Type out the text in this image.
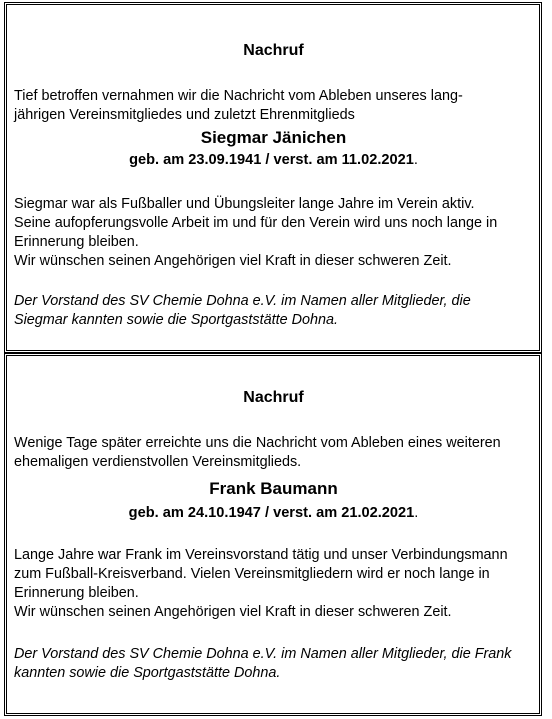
Nachruf
Tief betroffen vernahmen wir die Nachricht vom Ableben unseres lang-
jährigen Vereinsmitgliedes und zuletzt Ehrenmitglieds
Siegmar Jänichen
geb. am 23.09.1941 / verst. am 11.02.2021.
Siegmar war als Fußballer und Übungsleiter lange Jahre im Verein aktiv.
Seine aufopferungsvolle Arbeit im und für den Verein wird uns noch lange in
Erinnerung bleiben.
Wir wünschen seinen Angehörigen viel Kraft in dieser schweren Zeit.
Der Vorstand des SV Chemie Dohna e.V. im Namen aller Mitglieder, die
Siegmar kannten sowie die Sportgaststätte Dohna.
Nachruf
Wenige Tage später erreichte uns die Nachricht vom Ableben eines weiteren
ehemaligen verdienstvollen Vereinsmitglieds.
Frank Baumann
geb. am 24.10.1947 / verst. am 21.02.2021.
Lange Jahre war Frank im Vereinsvorstand tätig und unser Verbindungsmann
zum Fußball-Kreisverband. Vielen Vereinsmitgliedern wird er noch lange in
Erinnerung bleiben.
Wir wünschen seinen Angehörigen viel Kraft in dieser schweren Zeit.
Der Vorstand des SV Chemie Dohna e.V. im Namen aller Mitglieder, die Frank
kannten sowie die Sportgaststätte Dohna.
